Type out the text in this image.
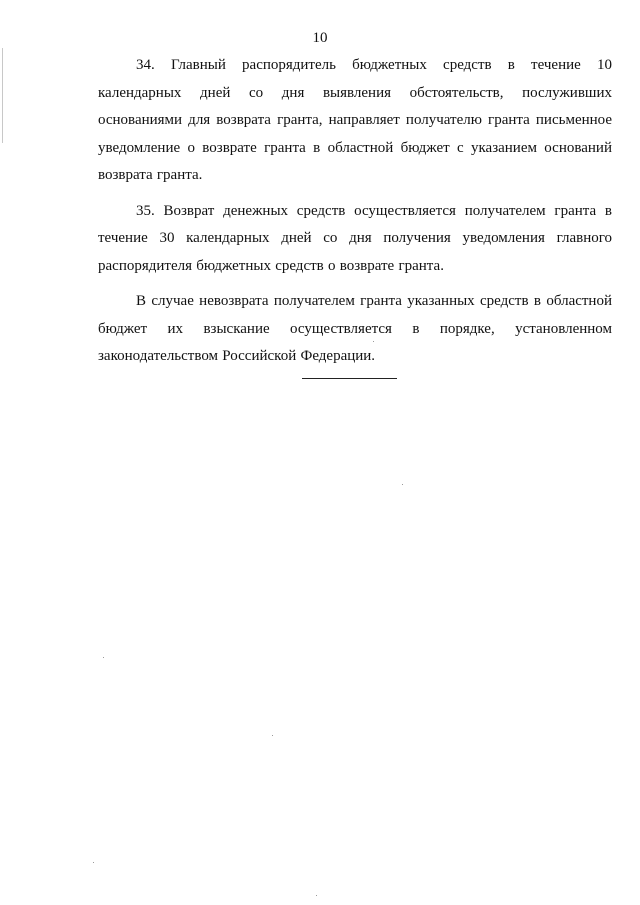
10

34. Главный распорядитель бюджетных средств в течение 10 календарных дней со дня выявления обстоятельств, послуживших основаниями для возврата гранта, направляет получателю гранта письменное уведомление о возврате гранта в областной бюджет с указанием оснований возврата гранта.

35. Возврат денежных средств осуществляется получателем гранта в течение 30 календарных дней со дня получения уведомления главного распорядителя бюджетных средств о возврате гранта.

В случае невозврата получателем гранта указанных средств в областной бюджет их взыскание осуществляется в порядке, установленном законодательством Российской Федерации.
